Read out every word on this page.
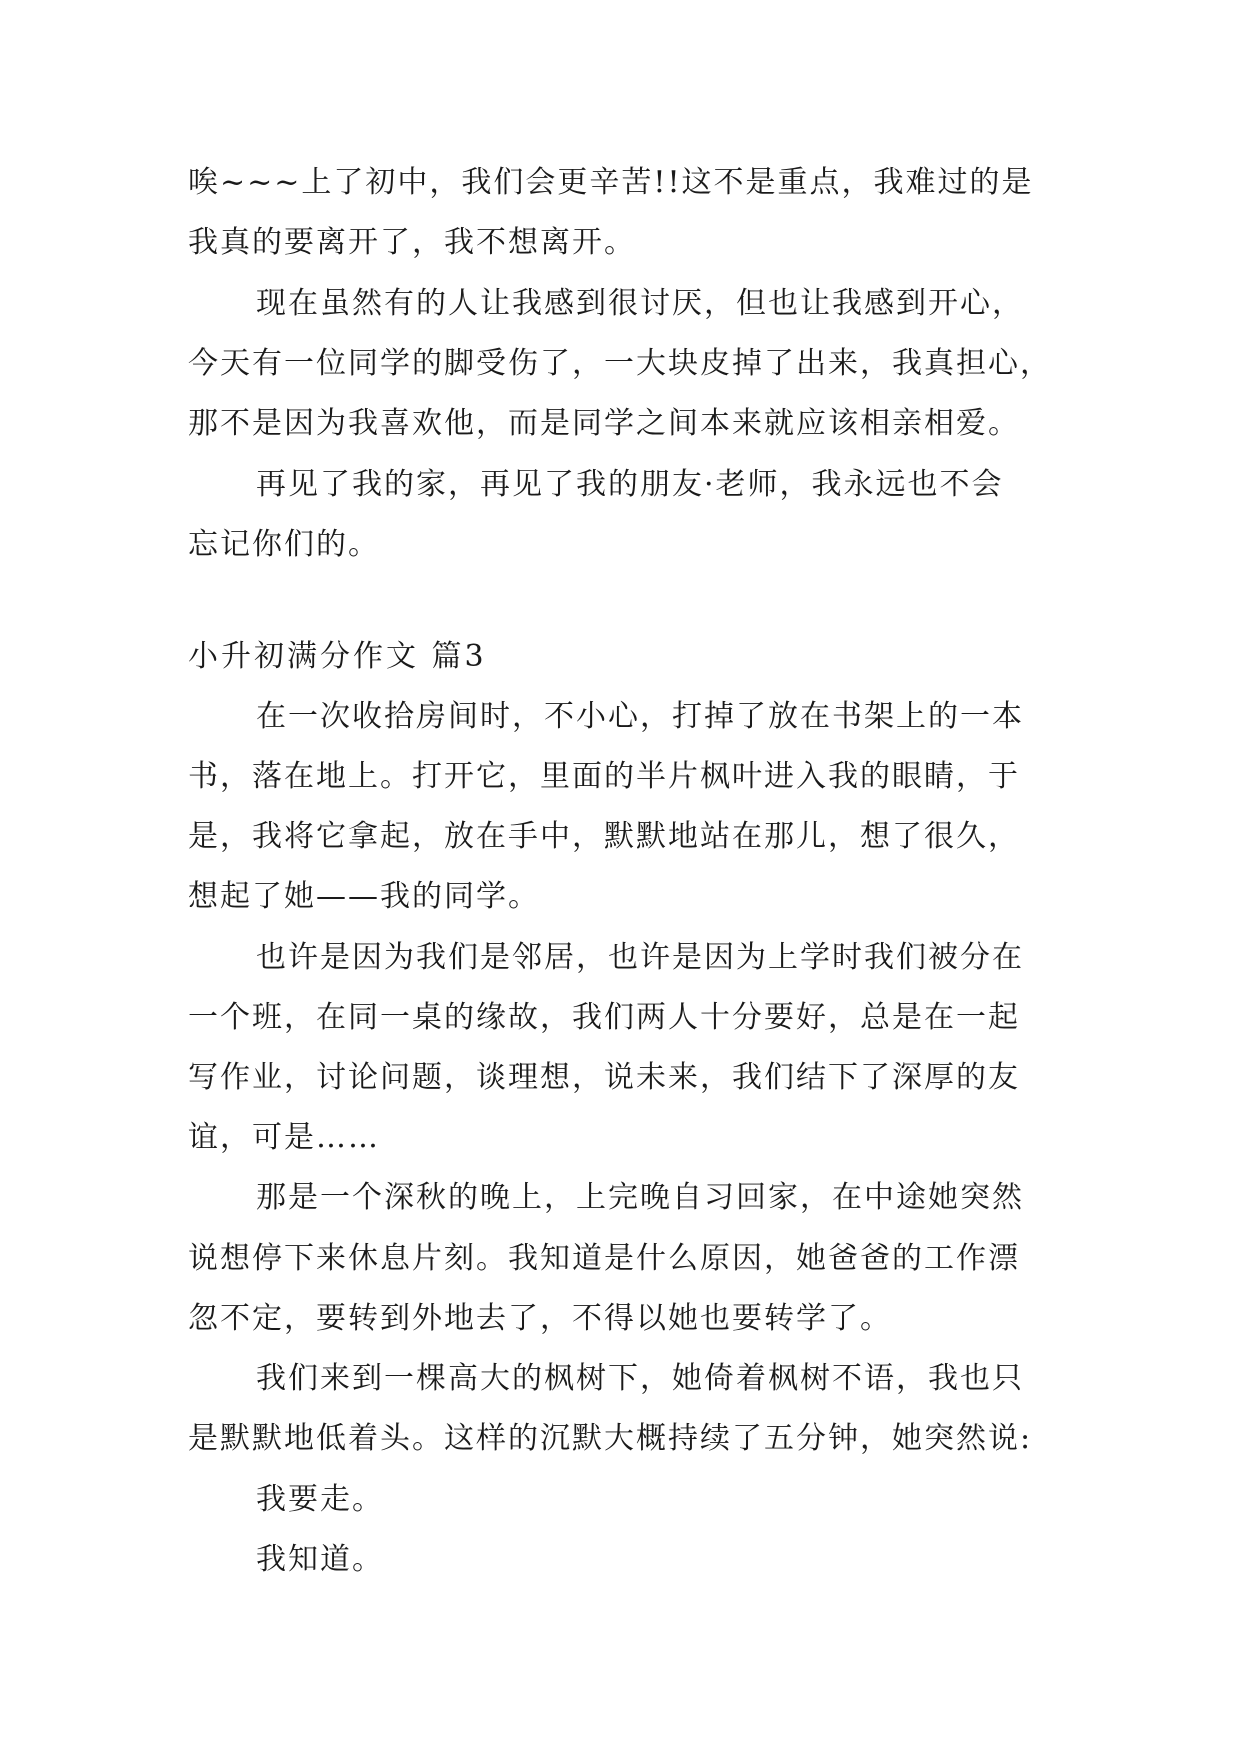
唉~~~上了初中，我们会更辛苦!!这不是重点，我难过的是
我真的要离开了，我不想离开。
现在虽然有的人让我感到很讨厌，但也让我感到开心，
今天有一位同学的脚受伤了，一大块皮掉了出来，我真担心，
那不是因为我喜欢他，而是同学之间本来就应该相亲相爱。
再见了我的家，再见了我的朋友·老师，我永远也不会
忘记你们的。
小升初满分作文 篇3
在一次收拾房间时，不小心，打掉了放在书架上的一本
书，落在地上。打开它，里面的半片枫叶进入我的眼睛，于
是，我将它拿起，放在手中，默默地站在那儿，想了很久，
想起了她——我的同学。
也许是因为我们是邻居，也许是因为上学时我们被分在
一个班，在同一桌的缘故，我们两人十分要好，总是在一起
写作业，讨论问题，谈理想，说未来，我们结下了深厚的友
谊，可是……
那是一个深秋的晚上，上完晚自习回家，在中途她突然
说想停下来休息片刻。我知道是什么原因，她爸爸的工作漂
忽不定，要转到外地去了，不得以她也要转学了。
我们来到一棵高大的枫树下，她倚着枫树不语，我也只
是默默地低着头。这样的沉默大概持续了五分钟，她突然说:
我要走。
我知道。
